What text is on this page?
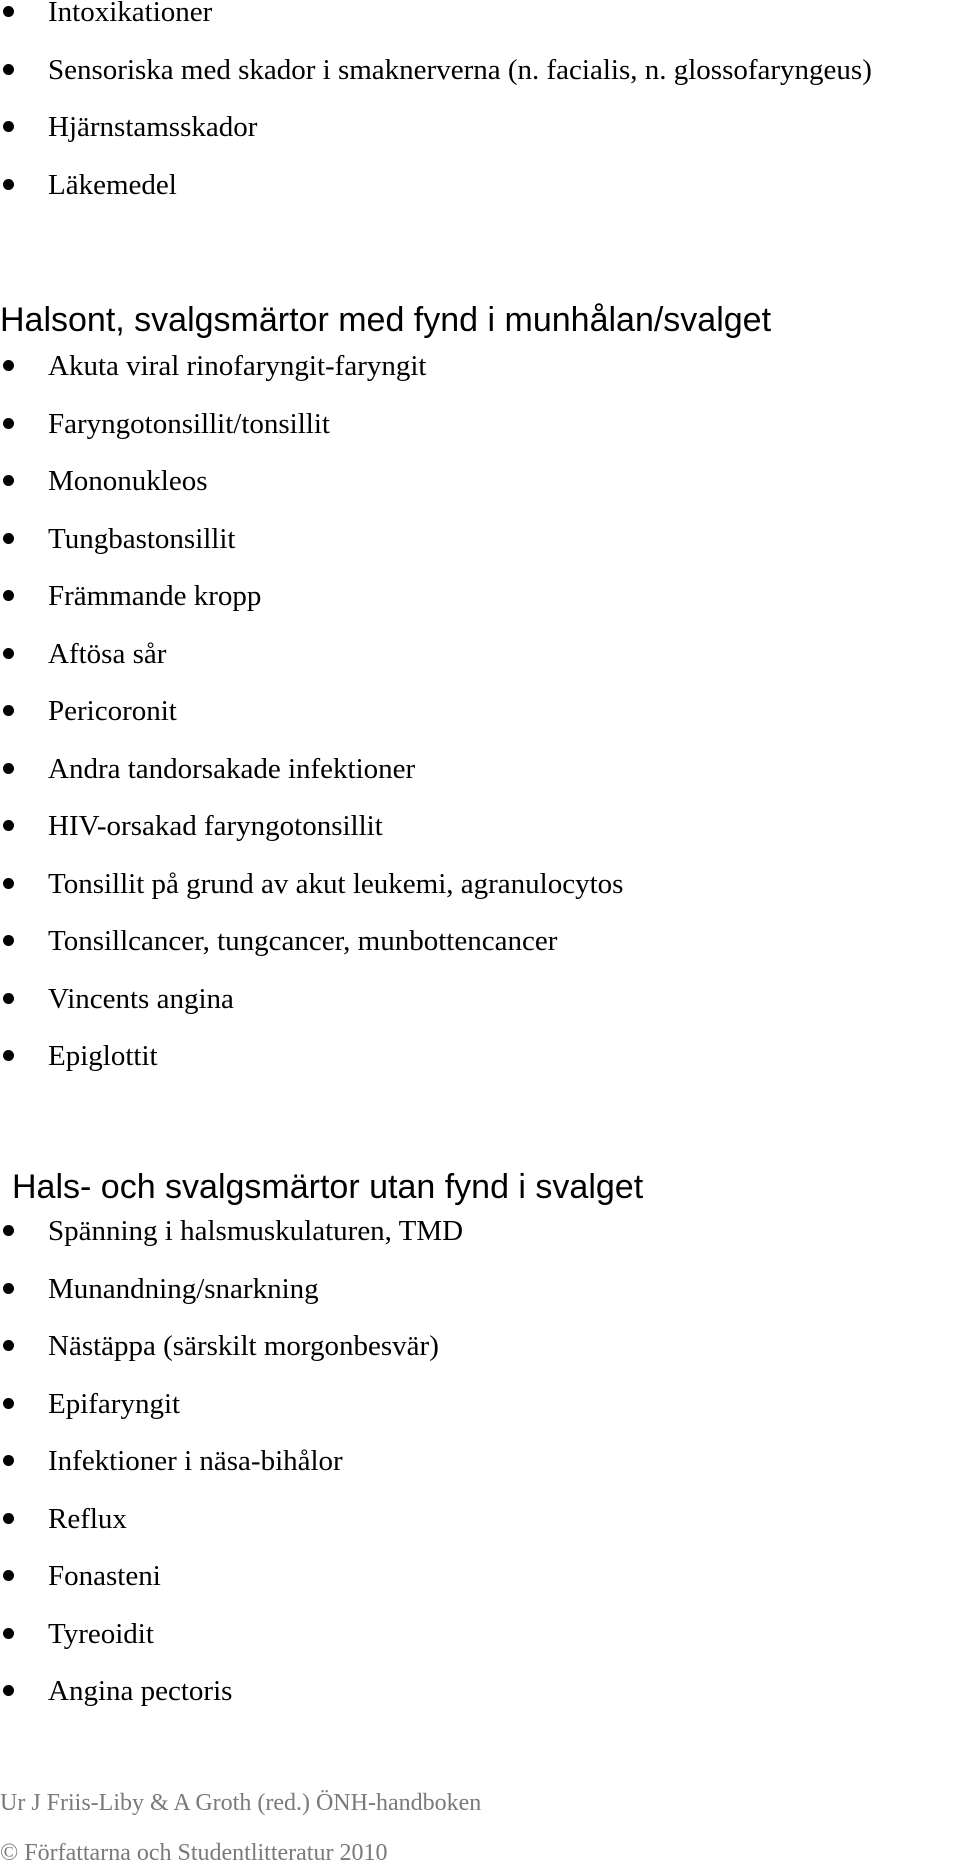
Intoxikationer
Sensoriska med skador i smaknerverna (n. facialis, n. glossofaryngeus)
Hjärnstamsskador
Läkemedel
Halsont, svalgsmärtor med fynd i munhålan/svalget
Akuta viral rinofaryngit-faryngit
Faryngotonsillit/tonsillit
Mononukleos
Tungbastonsillit
Främmande kropp
Aftösa sår
Pericoronit
Andra tandorsakade infektioner
HIV-orsakad faryngotonsillit
Tonsillit på grund av akut leukemi, agranulocytos
Tonsillcancer, tungcancer, munbottencancer
Vincents angina
Epiglottit
Hals- och svalgsmärtor utan fynd i svalget
Spänning i halsmuskulaturen, TMD
Munandning/snarkning
Nästäppa (särskilt morgonbesvär)
Epifaryngit
Infektioner i näsa-bihålor
Reflux
Fonasteni
Tyreoidit
Angina pectoris
Ur J Friis-Liby & A Groth (red.) ÖNH-handboken
© Författarna och Studentlitteratur 2010
